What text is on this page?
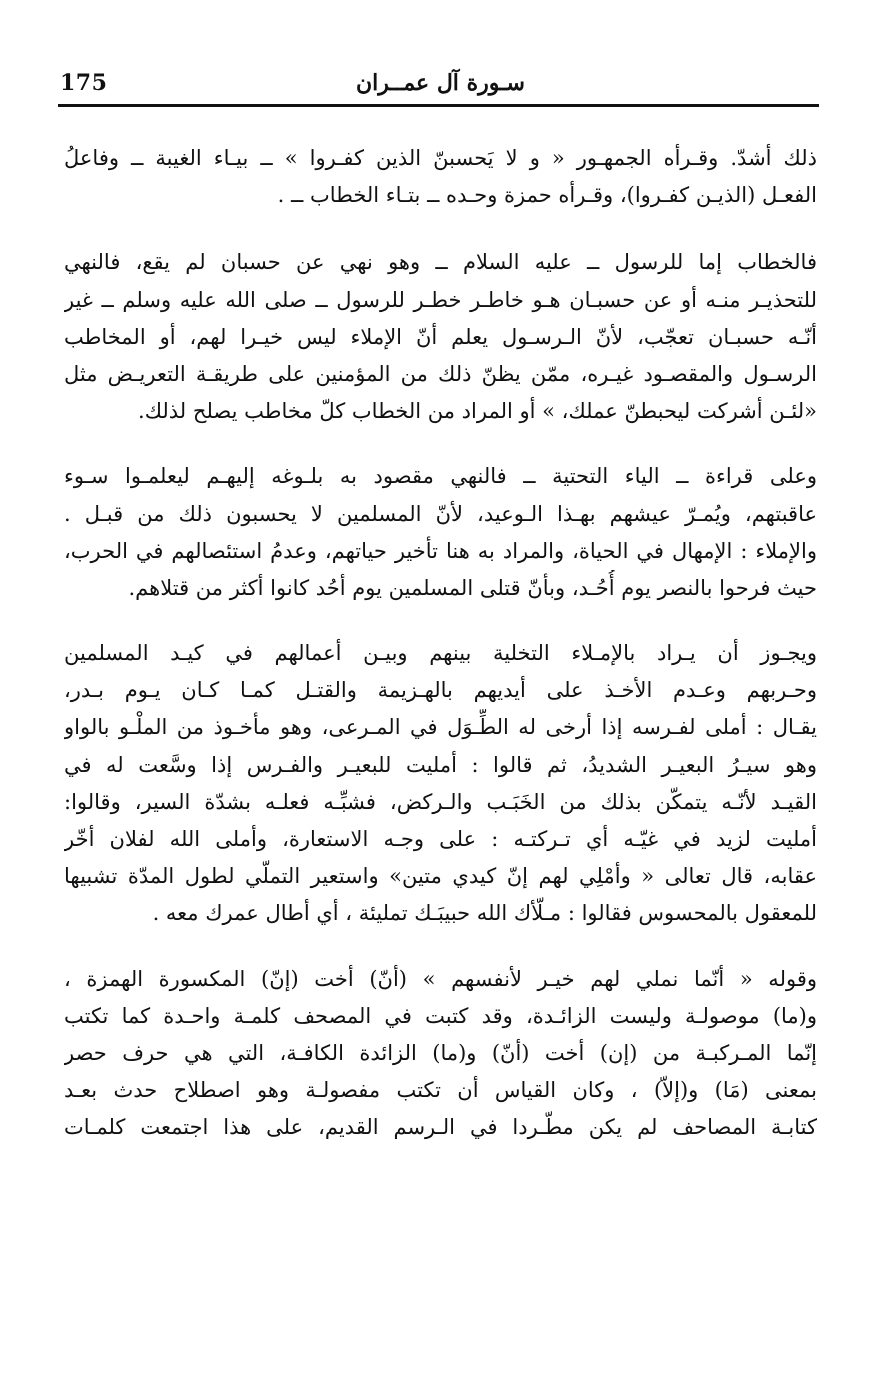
175	سـورة آل عمــران

ذلك أشدّ. وقـرأه الجمهـور « و لا يَحسبنّ الذين كفـروا » ــ بيـاء الغيبة ــ وفاعلُ
الفعـل (الذيـن كفـروا)، وقـرأه حمزة وحـده ــ بتـاء الخطاب ــ .

فالخطاب إما للرسول ــ عليه السلام ــ وهو نهي عن حسبان لم يقع، فالنهي
للتحذيـر منـه أو عن حسبـان هـو خاطـر خطـر للرسول ــ صلى الله عليه وسلم ــ غير
أنّـه حسبـان تعجّب، لأنّ الـرسـول يعلم أنّ الإملاء ليس خيـرا لهم، أو المخاطب
الرسـول والمقصـود غيـره، ممّن يظنّ ذلك من المؤمنين على طريقـة التعريـض مثل
«لئـن أشركت ليحبطنّ عملك، » أو المراد من الخطاب كلّ مخاطب يصلح لذلك.

وعلى قراءة ــ الياء التحتية ــ فالنهي مقصود به بلـوغه إليهـم ليعلمـوا سـوء
عاقبتهم، ويُمـرّ عيشهم بهـذا الـوعيد، لأنّ المسلمين لا يحسبون ذلك من قبـل .
والإملاء : الإمهال في الحياة، والمراد به هنا تأخير حياتهم، وعدمُ استئصالهم في الحرب،
حيث فرحوا بالنصر يوم أُحُـد، وبأنّ قتلى المسلمين يوم أحُد كانوا أكثر من قتلاهم.

ويجـوز أن يـراد بالإمـلاء التخلية بينهم وبيـن أعمالهم في كيـد المسلمين
وحـربهم وعـدم الأخـذ على أيديهم بالهـزيمة والقتـل كمـا كـان يـوم بـدر،
يقـال : أملى لفـرسه إذا أرخى له الطِّـوَل في المـرعى، وهو مأخـوذ من الملْـو بالواو
وهو سيـرُ البعيـر الشديدُ، ثم قالوا : أمليت للبعيـر والفـرس إذا وسَّعت له في
القيـد لأنّـه يتمكّن بذلك من الخَبَـب والـركض، فشبِّـه فعلـه بشدّة السير، وقالوا:
أمليت لزيد في غيّـه أي تـركتـه : على وجـه الاستعارة، وأملى الله لفلان أخّر
عقابه، قال تعالى « وأمْلِي لهم إنّ كيدي متين» واستعير التملّي لطول المدّة تشبيها
للمعقول بالمحسوس فقالوا : مـلّأك الله حبيبَـك تمليئة ، أي أطال عمرك معه .

وقوله « أنّما نملي لهم خيـر لأنفسهم » (أنّ) أخت (إنّ) المكسورة الهمزة ،
و(ما) موصولـة وليست الزائـدة، وقد كتبت في المصحف كلمـة واحـدة كما تكتب
إنّما المـركبـة من (إن) أخت (أنّ) و(ما) الزائدة الكافـة، التي هي حرف حصر
بمعنى (مَا) و(إلاّ) ، وكان القياس أن تكتب مفصولـة وهو اصطلاح حدث بعـد
كتابـة المصاحف لم يكن مطّـردا في الـرسم القديم، على هذا اجتمعت كلمـات
